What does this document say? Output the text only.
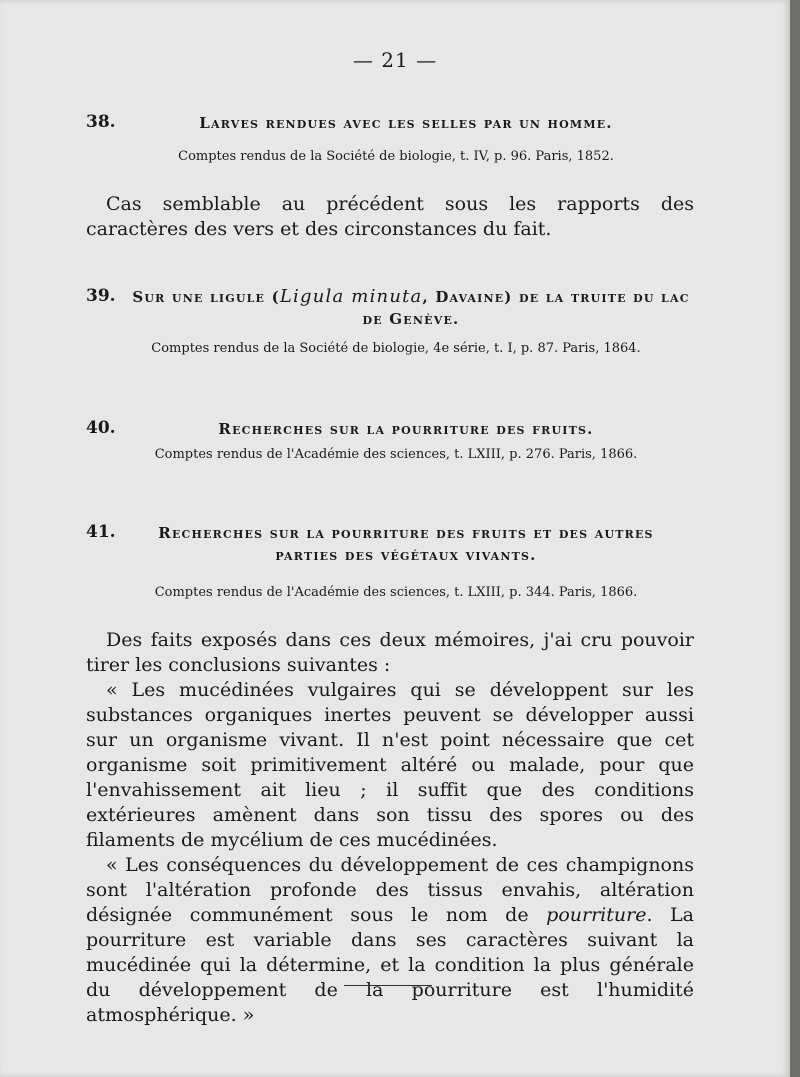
— 21 —
38.	Larves rendues avec les selles par un homme.
Comptes rendus de la Société de biologie, t. IV, p. 96. Paris, 1852.

Cas semblable au précédent sous les rapports des caractères des vers et des circonstances du fait.

39.	Sur une ligule (Ligula minuta, Davaine) de la truite du lac
de Genève.
Comptes rendus de la Société de biologie, 4e série, t. I, p. 87. Paris, 1864.
40.	Recherches sur la pourriture des fruits.
Comptes rendus de l'Académie des sciences, t. LXIII, p. 276. Paris, 1866.
41.	Recherches sur la pourriture des fruits et des autres
parties des végétaux vivants.
Comptes rendus de l'Académie des sciences, t. LXIII, p. 344. Paris, 1866.

Des faits exposés dans ces deux mémoires, j'ai cru pouvoir tirer les conclusions suivantes :

« Les mucédinées vulgaires qui se développent sur les substances organiques inertes peuvent se développer aussi sur un organisme vivant. Il n'est point nécessaire que cet organisme soit primitivement altéré ou malade, pour que l'envahissement ait lieu ; il suffit que des conditions extérieures amènent dans son tissu des spores ou des filaments de mycélium de ces mucédinées.

« Les conséquences du développement de ces champignons sont l'altération profonde des tissus envahis, altération désignée communément sous le nom de pourriture. La pourriture est variable dans ses caractères suivant la mucédinée qui la détermine, et la condition la plus générale du développement de la pourriture est l'humidité atmosphérique. »
